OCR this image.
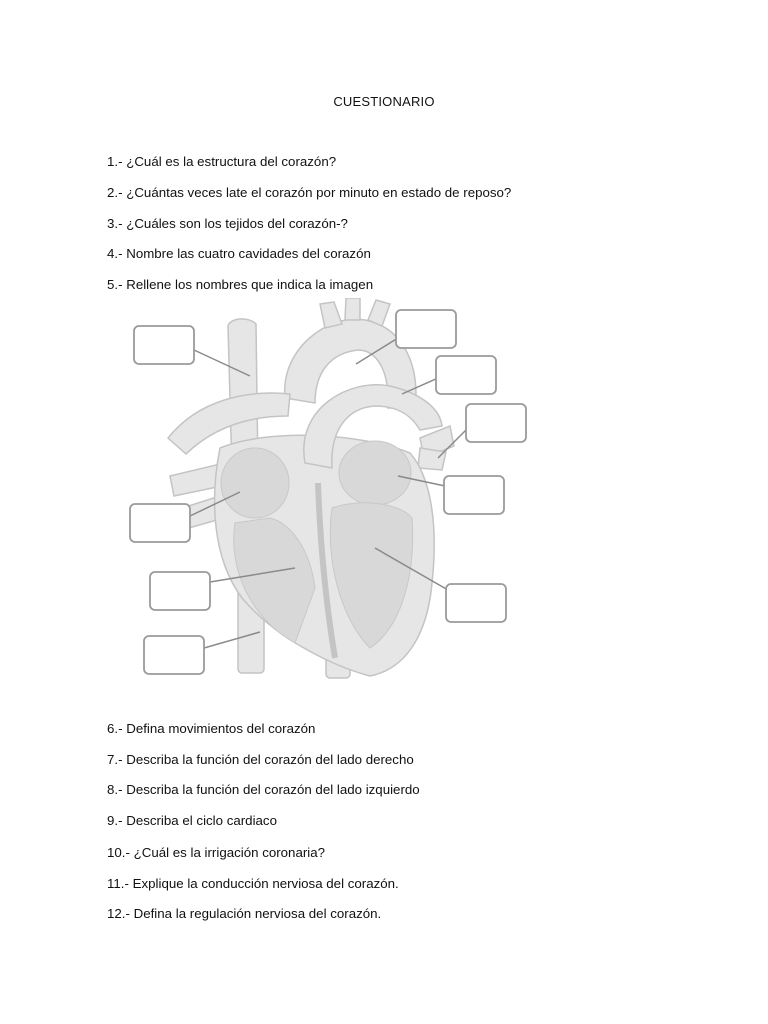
CUESTIONARIO
1.- ¿Cuál es la estructura del corazón?
2.- ¿Cuántas veces late el corazón por minuto en estado de reposo?
3.- ¿Cuáles son los tejidos del corazón-?
4.- Nombre las cuatro cavidades del corazón
5.- Rellene los nombres que indica la imagen
6.- Defina movimientos del corazón
7.- Describa la función del corazón del lado derecho
8.- Describa la función del corazón del lado izquierdo
9.- Describa el ciclo cardiaco
10.- ¿Cuál es la irrigación coronaria?
11.- Explique la conducción nerviosa del corazón.
12.- Defina la regulación nerviosa del corazón.
